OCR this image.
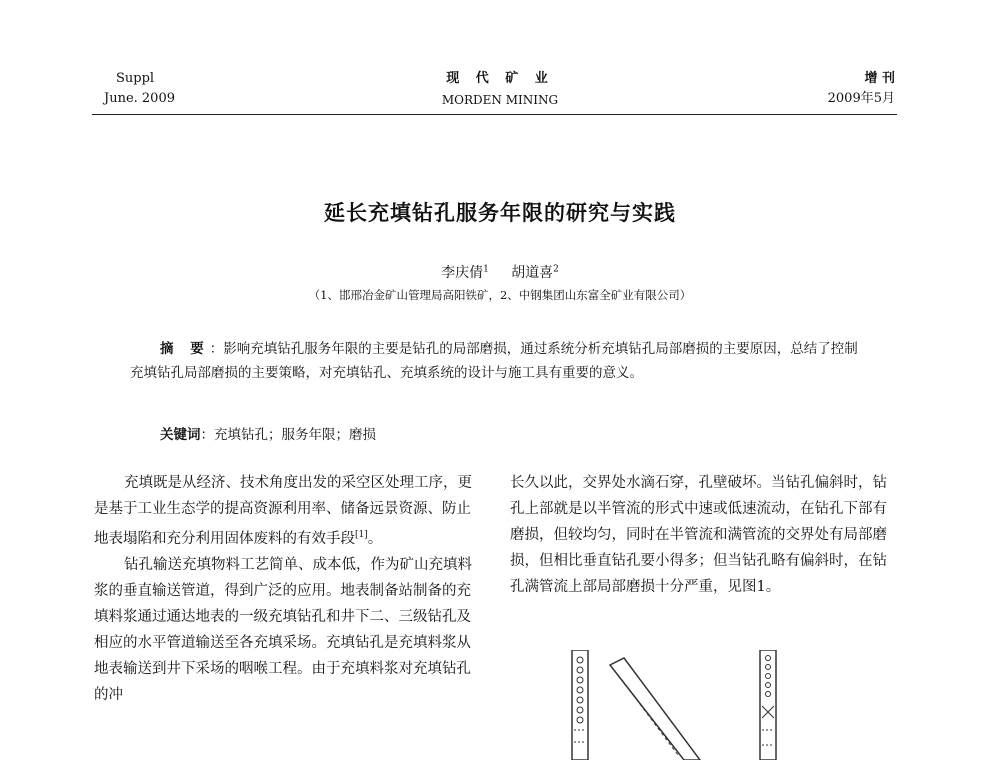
Suppl
June. 2009
现 代 矿 业
MORDEN MINING
增 刊
2009年5月
延长充填钻孔服务年限的研究与实践
李庆倩$^1$ 胡道喜$^2$
（1、邯邢冶金矿山管理局高阳铁矿，2、中钢集团山东富全矿业有限公司）
摘 要：影响充填钻孔服务年限的主要是钻孔的局部磨损，通过系统分析充填钻孔局部磨损的主要原因，总结了控制充填钻孔局部磨损的主要策略，对充填钻孔、充填系统的设计与施工具有重要的意义。
关键词：充填钻孔；服务年限；磨损

充填既是从经济、技术角度出发的采空区处理工序，更是基于工业生态学的提高资源利用率、储备远景资源、防止地表塌陷和充分利用固体废料的有效手段[1]。

钻孔输送充填物料工艺简单、成本低，作为矿山充填料浆的垂直输送管道，得到广泛的应用。地表制备站制备的充填料浆通过通达地表的一级充填钻孔和井下二、三级钻孔及相应的水平管道输送至各充填采场。充填钻孔是充填料浆从地表输送到井下采场的咽喉工程。由于充填料浆对充填钻孔的冲

长久以此，交界处水滴石穿，孔壁破坏。当钻孔偏斜时，钻孔上部就是以半管流的形式中速或低速流动，在钻孔下部有磨损，但较均匀，同时在半管流和满管流的交界处有局部磨损，但相比垂直钻孔要小得多；但当钻孔略有偏斜时，在钻孔满管流上部局部磨损十分严重，见图1。
